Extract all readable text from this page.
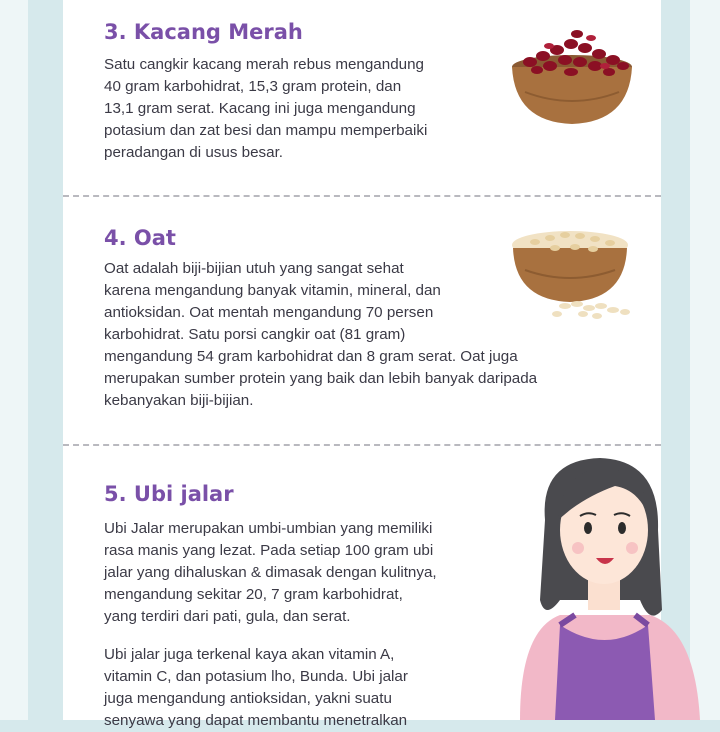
3. Kacang Merah
Satu cangkir kacang merah rebus mengandung
40 gram karbohidrat, 15,3 gram protein, dan
13,1 gram serat. Kacang ini juga mengandung
potasium dan zat besi dan mampu memperbaiki
peradangan di usus besar.
4. Oat
Oat adalah biji-bijian utuh yang sangat sehat
karena mengandung banyak vitamin, mineral, dan
antioksidan. Oat mentah mengandung 70 persen
karbohidrat. Satu porsi cangkir oat (81 gram)
mengandung 54 gram karbohidrat dan 8 gram serat. Oat juga
merupakan sumber protein yang baik dan lebih banyak daripada
kebanyakan biji-bijian.
5. Ubi jalar
Ubi Jalar merupakan umbi-umbian yang memiliki
rasa manis yang lezat. Pada setiap 100 gram ubi
jalar yang dihaluskan & dimasak dengan kulitnya,
mengandung sekitar 20, 7 gram karbohidrat,
yang terdiri dari pati, gula, dan serat.
Ubi jalar juga terkenal kaya akan vitamin A,
vitamin C, dan potasium lho, Bunda. Ubi jalar
juga mengandung antioksidan, yakni suatu
senyawa yang dapat membantu menetralkan
